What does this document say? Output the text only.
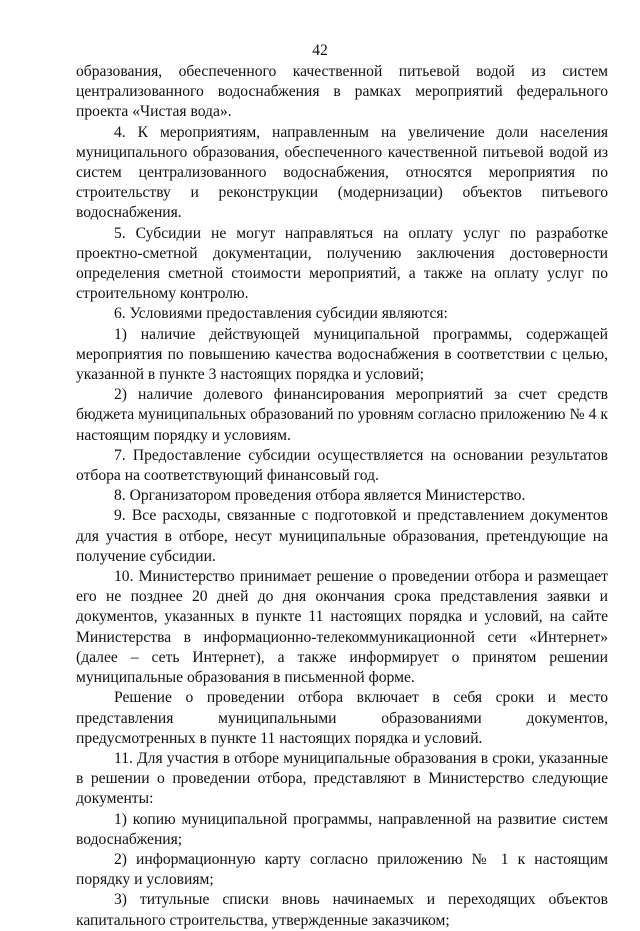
42

образования, обеспеченного качественной питьевой водой из систем централизованного водоснабжения в рамках мероприятий федерального проекта «Чистая вода».

4. К мероприятиям, направленным на увеличение доли населения муниципального образования, обеспеченного качественной питьевой водой из систем централизованного водоснабжения, относятся мероприятия по строительству и реконструкции (модернизации) объектов питьевого водоснабжения.

5. Субсидии не могут направляться на оплату услуг по разработке проектно-сметной документации, получению заключения достоверности определения сметной стоимости мероприятий, а также на оплату услуг по строительному контролю.

6. Условиями предоставления субсидии являются:

1) наличие действующей муниципальной программы, содержащей мероприятия по повышению качества водоснабжения в соответствии с целью, указанной в пункте 3 настоящих порядка и условий;

2) наличие долевого финансирования мероприятий за счет средств бюджета муниципальных образований по уровням согласно приложению № 4 к настоящим порядку и условиям.

7. Предоставление субсидии осуществляется на основании результатов отбора на соответствующий финансовый год.

8. Организатором проведения отбора является Министерство.

9. Все расходы, связанные с подготовкой и представлением документов для участия в отборе, несут муниципальные образования, претендующие на получение субсидии.

10. Министерство принимает решение о проведении отбора и размещает его не позднее 20 дней до дня окончания срока представления заявки и документов, указанных в пункте 11 настоящих порядка и условий, на сайте Министерства в информационно-телекоммуникационной сети «Интернет» (далее – сеть Интернет), а также информирует о принятом решении муниципальные образования в письменной форме.

Решение о проведении отбора включает в себя сроки и место представления муниципальными образованиями документов, предусмотренных в пункте 11 настоящих порядка и условий.

11. Для участия в отборе муниципальные образования в сроки, указанные в решении о проведении отбора, представляют в Министерство следующие документы:

1) копию муниципальной программы, направленной на развитие систем водоснабжения;

2) информационную карту согласно приложению № 1 к настоящим порядку и условиям;

3) титульные списки вновь начинаемых и переходящих объектов капитального строительства, утвержденные заказчиком;
